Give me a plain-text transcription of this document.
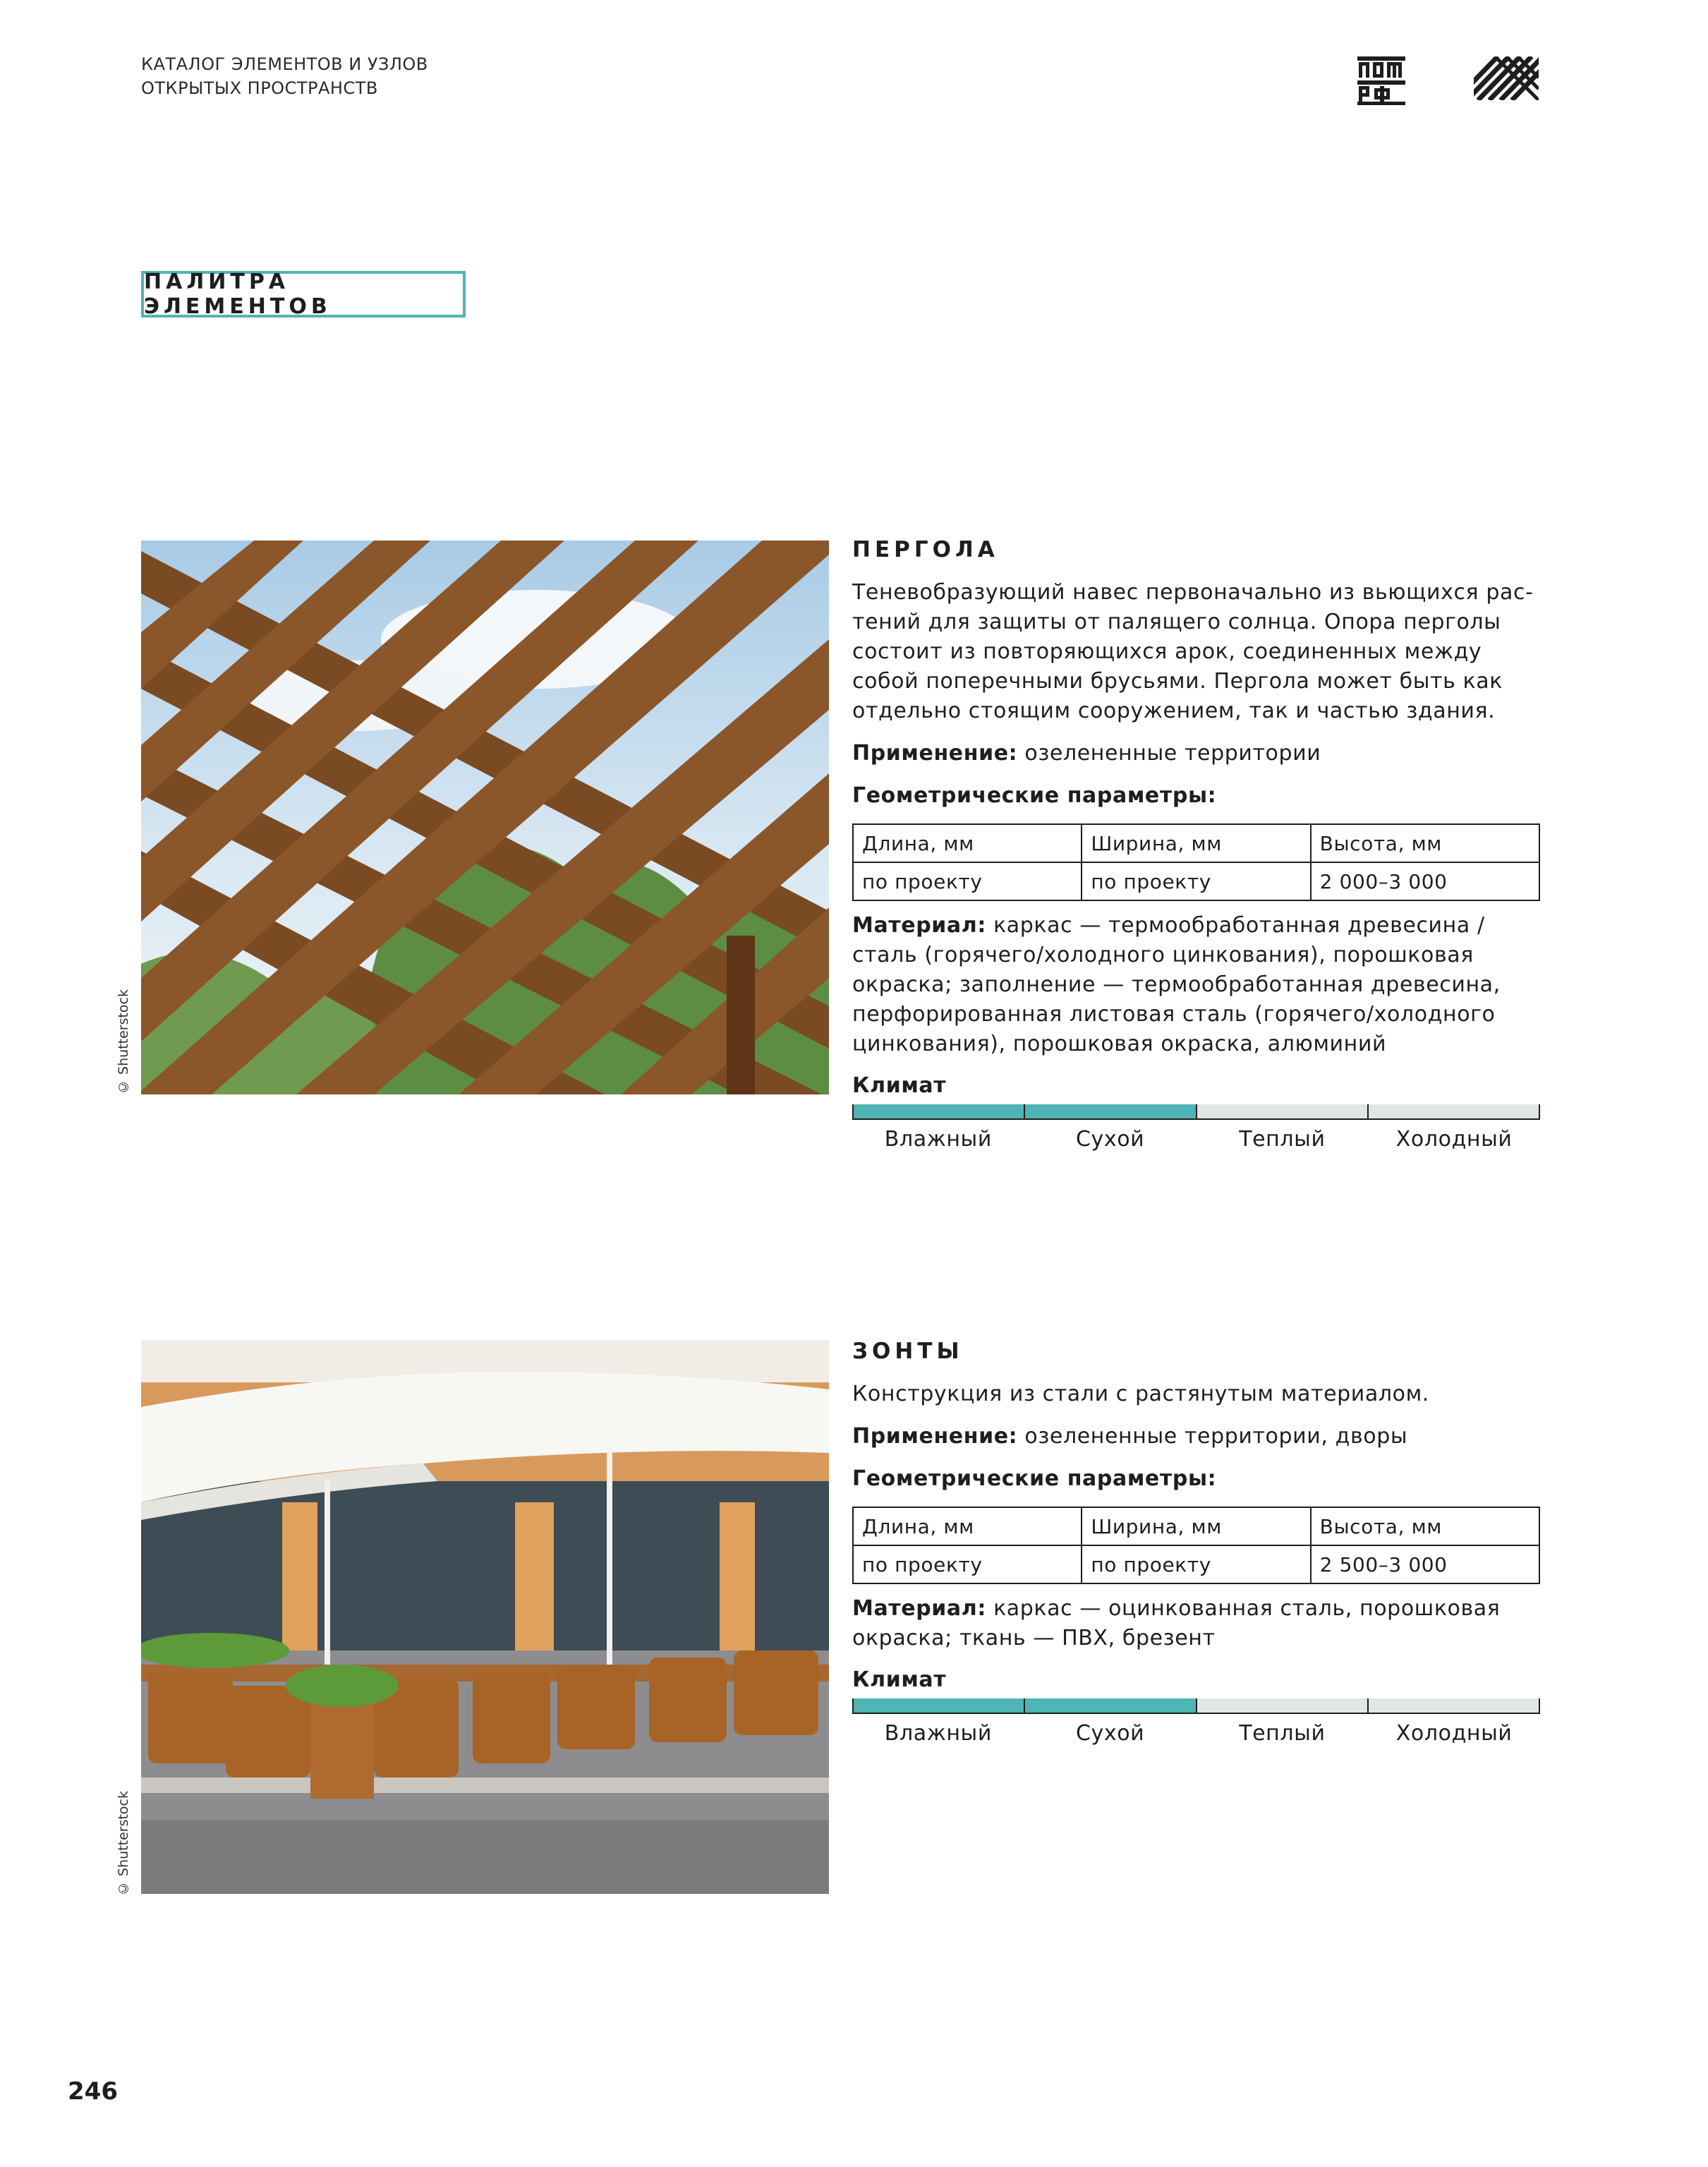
КАТАЛОГ ЭЛЕМЕНТОВ И УЗЛОВ
ОТКРЫТЫХ ПРОСТРАНСТВ
ПАЛИТРА ЭЛЕМЕНТОВ
© Shutterstock
ПЕРГОЛА
Теневобразующий навес первоначально из вьющихся рас-тений для защиты от палящего солнца. Опора перголы состоит из повторяющихся арок, соединенных между собой поперечными брусьями. Пергола может быть как отдельно стоящим сооружением, так и частью здания.
Применение: озелененные территории
Геометрические параметры:
Длина, мм	Ширина, мм	Высота, мм
по проекту	по проекту	2 000–3 000
Материал: каркас — термообработанная древесина / сталь (горячего/холодного цинкования), порошковая окраска; заполнение — термообработанная древесина, перфорированная листовая сталь (горячего/холодного цинкования), порошковая окраска, алюминий
Климат
Влажный	Сухой	Теплый	Холодный
© Shutterstock
ЗОНТЫ
Конструкция из стали с растянутым материалом.
Применение: озелененные территории, дворы
Геометрические параметры:
Длина, мм	Ширина, мм	Высота, мм
по проекту	по проекту	2 500–3 000
Материал: каркас — оцинкованная сталь, порошковая окраска; ткань — ПВХ, брезент
Климат
Влажный	Сухой	Теплый	Холодный
246
